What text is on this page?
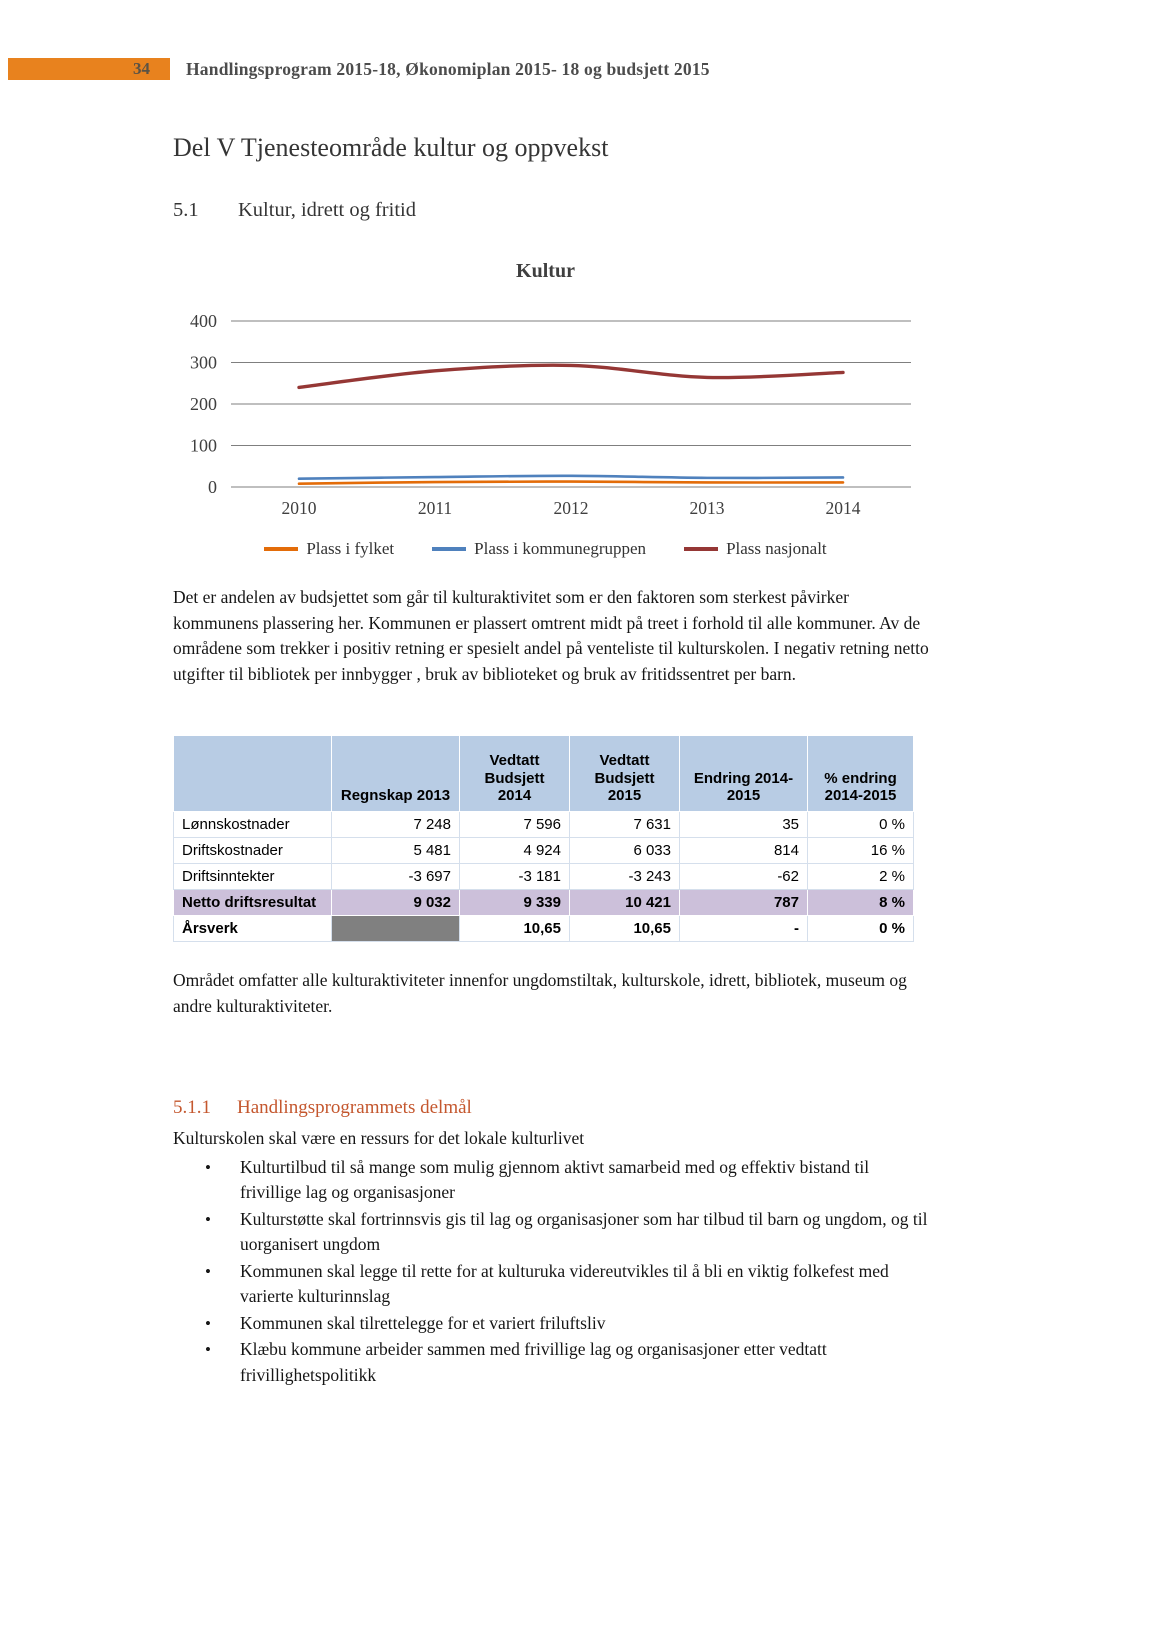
34 Handlingsprogram 2015-18, Økonomiplan 2015- 18 og budsjett 2015
Del V Tjenesteområde kultur og oppvekst
5.1 Kultur, idrett og fritid
Kultur
0
100
200
300
400
2010	2011	2012	2013	2014
Plass i fylket	Plass i kommunegruppen	Plass nasjonalt

Det er andelen av budsjettet som går til kulturaktivitet som er den faktoren som sterkest påvirker kommunens plassering her. Kommunen er plassert omtrent midt på treet i forhold til alle kommuner. Av de områdene som trekker i positiv retning er spesielt andel på venteliste til kulturskolen. I negativ retning netto utgifter til bibliotek per innbygger , bruk av biblioteket og bruk av fritidssentret per barn.

	Regnskap 2013	Vedtatt Budsjett 2014	Vedtatt Budsjett 2015	Endring 2014-2015	% endring 2014-2015
Lønnskostnader	7 248	7 596	7 631	35	0 %
Driftskostnader	5 481	4 924	6 033	814	16 %
Driftsinntekter	-3 697	-3 181	-3 243	-62	2 %
Netto driftsresultat	9 032	9 339	10 421	787	8 %
Årsverk		10,65	10,65	-	0 %

Området omfatter alle kulturaktiviteter innenfor ungdomstiltak, kulturskole, idrett, bibliotek, museum og andre kulturaktiviteter.

5.1.1 Handlingsprogrammets delmål

Kulturskolen skal være en ressurs for det lokale kulturlivet

• Kulturtilbud til så mange som mulig gjennom aktivt samarbeid med og effektiv bistand til frivillige lag og organisasjoner
• Kulturstøtte skal fortrinnsvis gis til lag og organisasjoner som har tilbud til barn og ungdom, og til uorganisert ungdom
• Kommunen skal legge til rette for at kulturuka videreutvikles til å bli en viktig folkefest med varierte kulturinnslag
• Kommunen skal tilrettelegge for et variert friluftsliv
• Klæbu kommune arbeider sammen med frivillige lag og organisasjoner etter vedtatt frivillighetspolitikk
